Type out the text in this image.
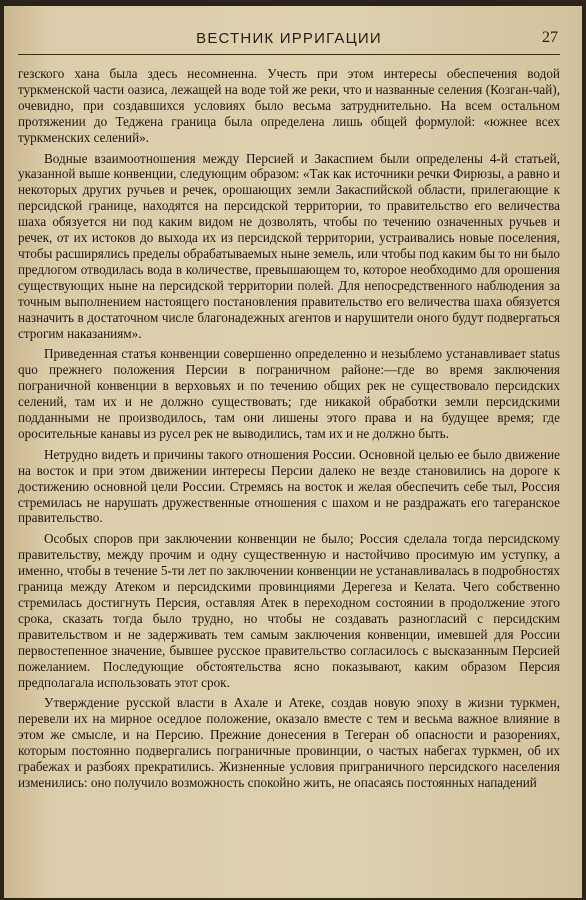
ВЕСТНИК ИРРИГАЦИИ	27

гезского хана была здесь несомненна. Учесть при этом интересы обеспечения водой туркменской части оазиса, лежащей на воде той же реки, что и названные селения (Козган-чай), очевидно, при создавшихся условиях было весьма затруднительно. На всем остальном протяжении до Теджена граница была определена лишь общей формулой: «южнее всех туркменских селений».

Водные взаимоотношения между Персией и Закаспием были определены 4-й статьей, указанной выше конвенции, следующим образом: «Так как источники речки Фирюзы, а равно и некоторых других ручьев и речек, орошающих земли Закаспийской области, прилегающие к персидской границе, находятся на персидской территории, то правительство его величества шаха обязуется ни под каким видом не дозволять, чтобы по течению означенных ручьев и речек, от их истоков до выхода их из персидской территории, устраивались новые поселения, чтобы расширялись пределы обрабатываемых ныне земель, или чтобы под каким бы то ни было предлогом отводилась вода в количестве, превышающем то, которое необходимо для орошения существующих ныне на персидской территории полей. Для непосредственного наблюдения за точным выполнением настоящего постановления правительство его величества шаха обязуется назначить в достаточном числе благонадежных агентов и нарушители оного будут подвергаться строгим наказаниям».

Приведенная статья конвенции совершенно определенно и незыблемо устанавливает status quo прежнего положения Персии в пограничном районе:—где во время заключения пограничной конвенции в верховьях и по течению общих рек не существовало персидских селений, там их и не должно существовать; где никакой обработки земли персидскими подданными не производилось, там они лишены этого права и на будущее время; где оросительные канавы из русел рек не выводились, там их и не должно быть.

Нетрудно видеть и причины такого отношения России. Основной целью ее было движение на восток и при этом движении интересы Персии далеко не везде становились на дороге к достижению основной цели России. Стремясь на восток и желая обеспечить себе тыл, Россия стремилась не нарушать дружественные отношения с шахом и не раздражать его тагеранское правительство.

Особых споров при заключении конвенции не было; Россия сделала тогда персидскому правительству, между прочим и одну существенную и настойчиво просимую им уступку, а именно, чтобы в течение 5-ти лет по заключении конвенции не устанавливалась в подробностях граница между Атеком и персидскими провинциями Дерегеза и Келата. Чего собственно стремилась достигнуть Персия, оставляя Атек в переходном состоянии в продолжение этого срока, сказать тогда было трудно, но чтобы не создавать разногласий с персидским правительством и не задерживать тем самым заключения конвенции, имевшей для России первостепенное значение, бывшее русское правительство согласилось с высказанным Персией пожеланием. Последующие обстоятельства ясно показывают, каким образом Персия предполагала использовать этот срок.

Утверждение русской власти в Ахале и Атеке, создав новую эпоху в жизни туркмен, перевели их на мирное оседлое положение, оказало вместе с тем и весьма важное влияние в этом же смысле, и на Персию. Прежние донесения в Тегеран об опасности и разорениях, которым постоянно подвергались пограничные провинции, о частых набегах туркмен, об их грабежах и разбоях прекратились. Жизненные условия пригpаничного персидского населения изменились: оно получило возможность спокойно жить, не опасаясь постоянных нападений
